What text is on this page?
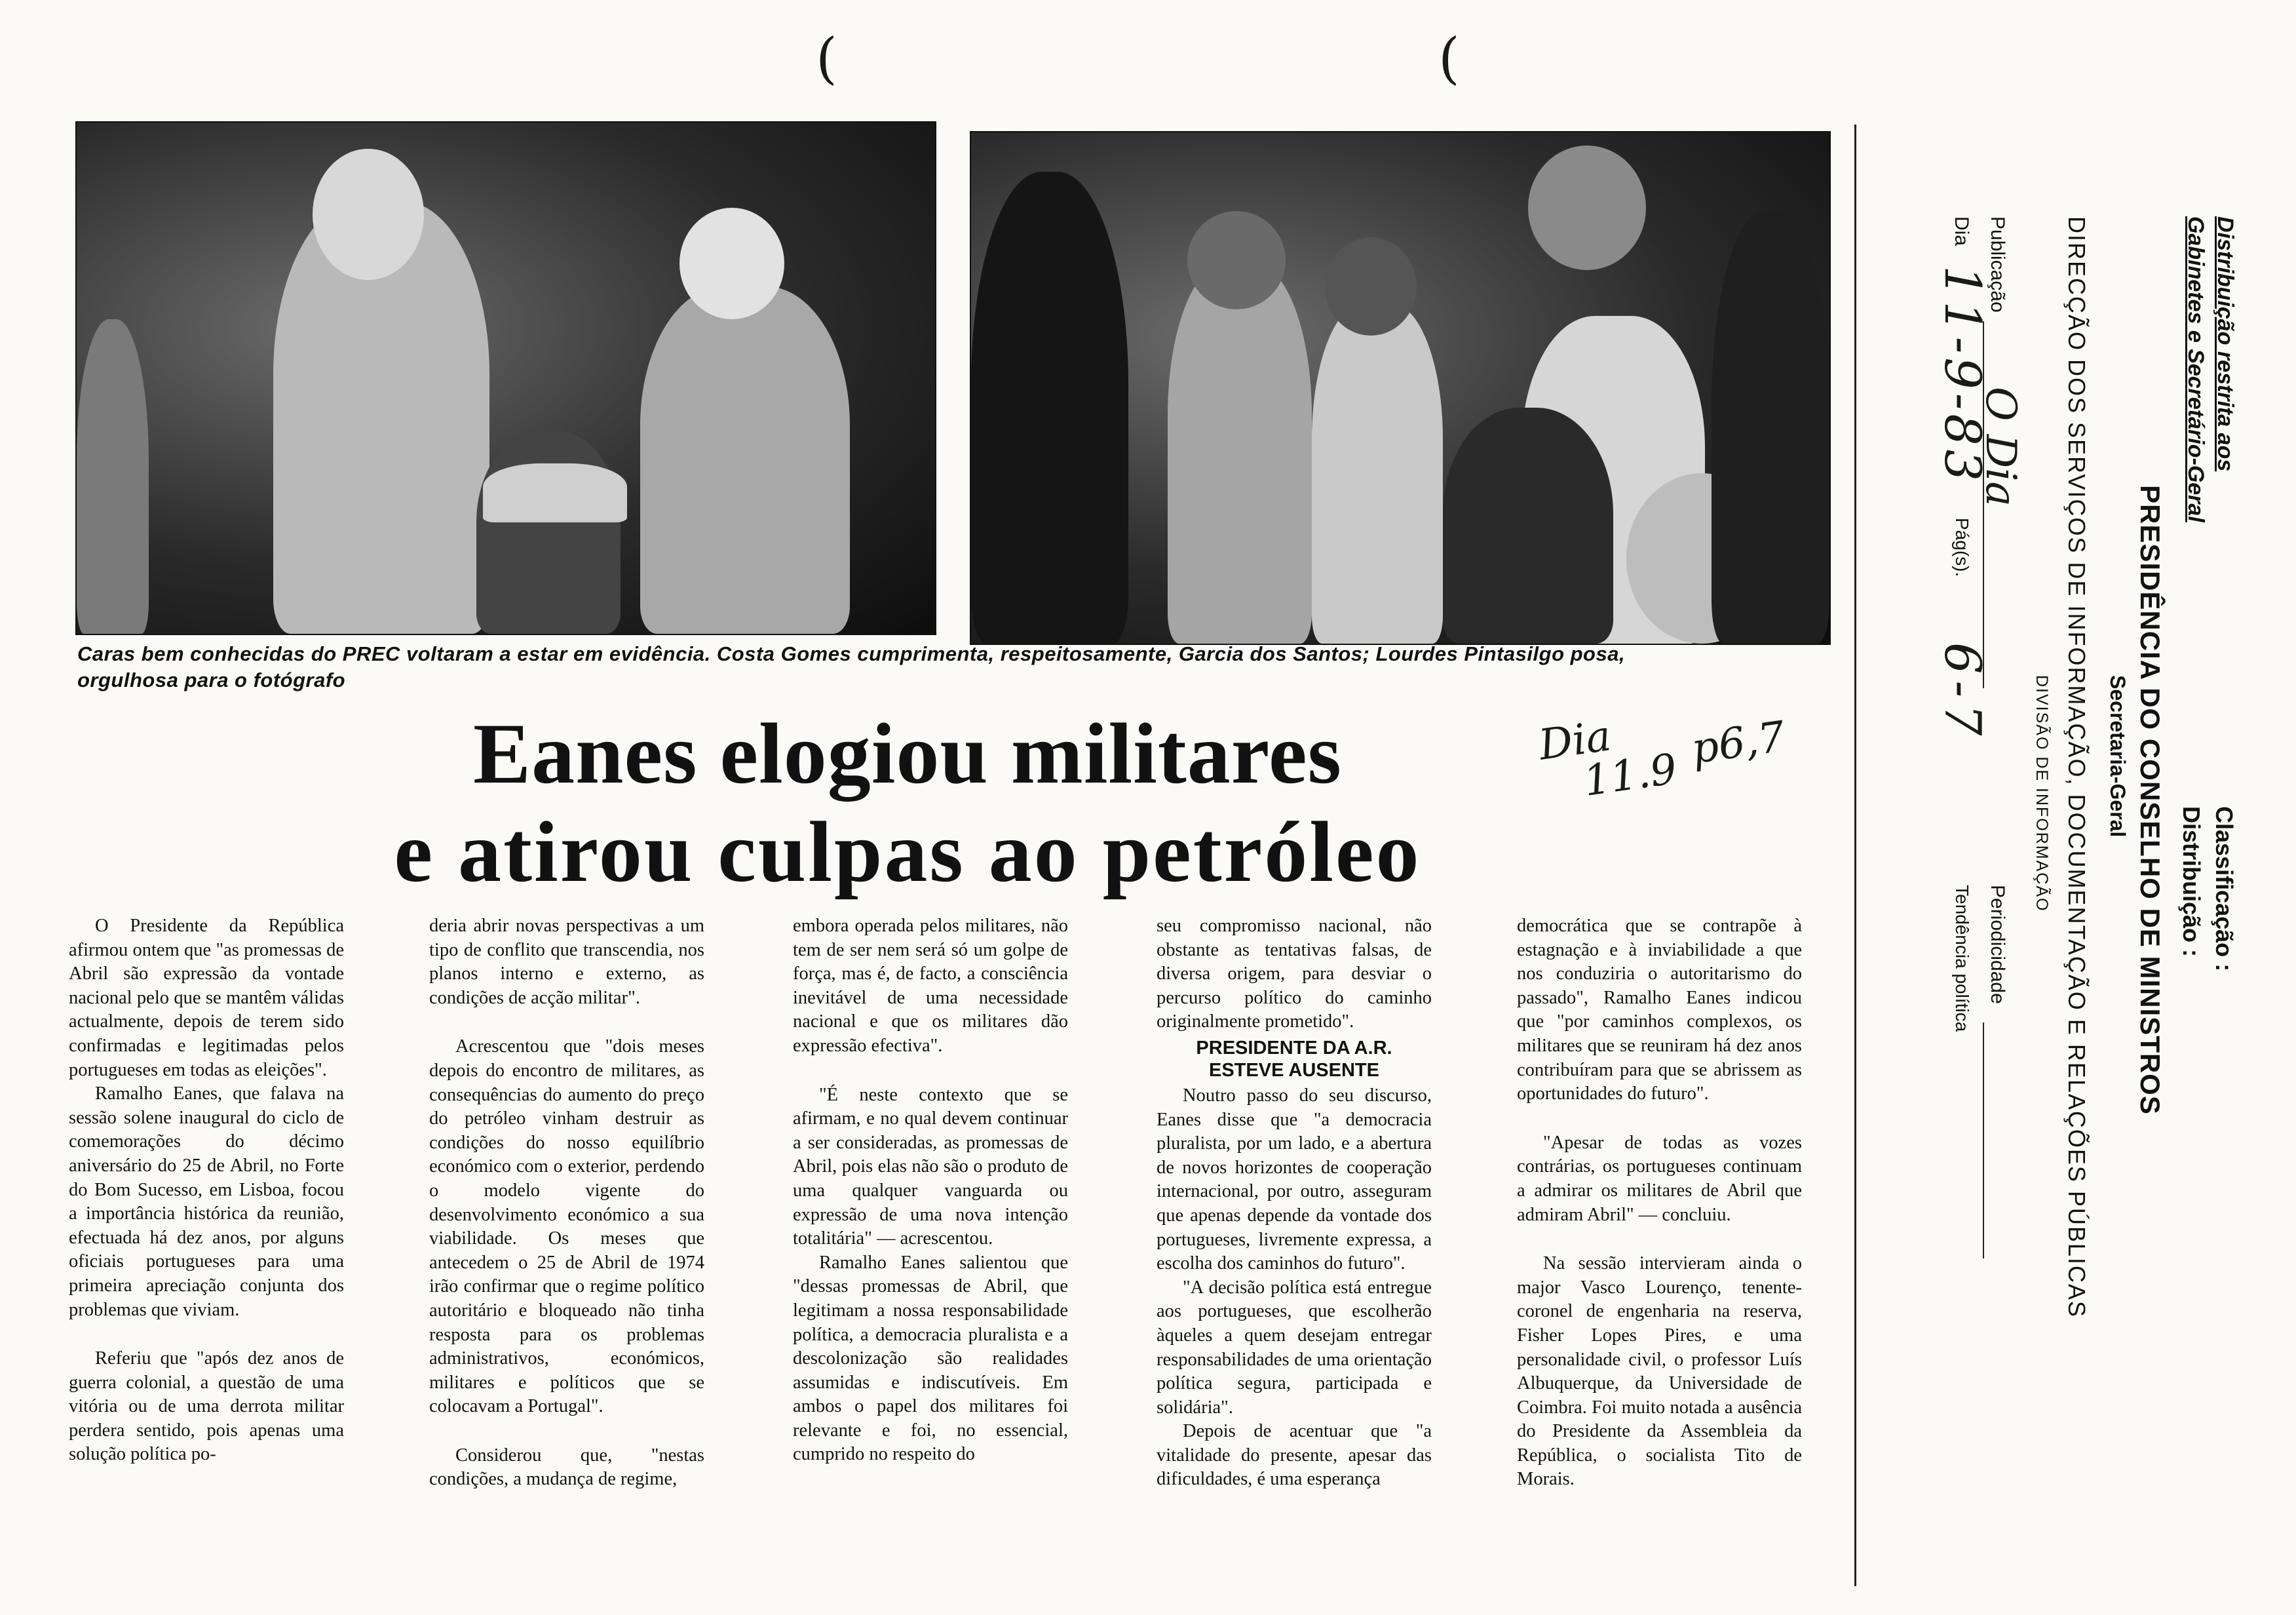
(	(
Caras bem conhecidas do PREC voltaram a estar em evidência. Costa Gomes cumprimenta, respeitosamente, Garcia dos Santos; Lourdes Pintasilgo posa,
orgulhosa para o fotógrafo
Eanes elogiou militares
e atirou culpas ao petróleo
Dia
11.9
p6,7

O Presidente da República afirmou ontem que "as promessas de Abril são expressão da vontade nacional pelo que se mantêm válidas actualmente, depois de terem sido confirmadas e legitimadas pelos portugueses em todas as eleições".

Ramalho Eanes, que falava na sessão solene inaugural do ciclo de comemorações do décimo aniversário do 25 de Abril, no Forte do Bom Sucesso, em Lisboa, focou a importância histórica da reunião, efectuada há dez anos, por alguns oficiais portugueses para uma primeira apreciação conjunta dos problemas que viviam.

Referiu que "após dez anos de guerra colonial, a questão de uma vitória ou de uma derrota militar perdera sentido, pois apenas uma solução política po-

deria abrir novas perspectivas a um tipo de conflito que transcendia, nos planos interno e externo, as condições de acção militar".

Acrescentou que "dois meses depois do encontro de militares, as consequências do aumento do preço do petróleo vinham destruir as condições do nosso equilíbrio económico com o exterior, perdendo o modelo vigente do desenvolvimento económico a sua viabilidade. Os meses que antecedem o 25 de Abril de 1974 irão confirmar que o regime político autoritário e bloqueado não tinha resposta para os problemas administrativos, económicos, militares e políticos que se colocavam a Portugal".

Considerou que, "nestas condições, a mudança de regime,

embora operada pelos militares, não tem de ser nem será só um golpe de força, mas é, de facto, a consciência inevitável de uma necessidade nacional e que os militares dão expressão efectiva".

"É neste contexto que se afirmam, e no qual devem continuar a ser consideradas, as promessas de Abril, pois elas não são o produto de uma qualquer vanguarda ou expressão de uma nova intenção totalitária" — acrescentou.

Ramalho Eanes salientou que "dessas promessas de Abril, que legitimam a nossa responsabilidade política, a democracia pluralista e a descolonização são realidades assumidas e indiscutíveis. Em ambos o papel dos militares foi relevante e foi, no essencial, cumprido no respeito do

seu compromisso nacional, não obstante as tentativas falsas, de diversa origem, para desviar o percurso político do caminho originalmente prometido".

PRESIDENTE DA A.R.
ESTEVE AUSENTE

Noutro passo do seu discurso, Eanes disse que "a democracia pluralista, por um lado, e a abertura de novos horizontes de cooperação internacional, por outro, asseguram que apenas depende da vontade dos portugueses, livremente expressa, a escolha dos caminhos do futuro".

"A decisão política está entregue aos portugueses, que escolherão àqueles a quem desejam entregar responsabilidades de uma orientação política segura, participada e solidária".

Depois de acentuar que "a vitalidade do presente, apesar das dificuldades, é uma esperança

democrática que se contrapõe à estagnação e à inviabilidade a que nos conduziria o autoritarismo do passado", Ramalho Eanes indicou que "por caminhos complexos, os militares que se reuniram há dez anos contribuíram para que se abrissem as oportunidades do futuro".

"Apesar de todas as vozes contrárias, os portugueses continuam a admirar os militares de Abril que admiram Abril" — concluiu.

Na sessão intervieram ainda o major Vasco Lourenço, tenente-coronel de engenharia na reserva, Fisher Lopes Pires, e uma personalidade civil, o professor Luís Albuquerque, da Universidade de Coimbra. Foi muito notada a ausência do Presidente da Assembleia da República, o socialista Tito de Morais.

Distribuição restrita aos
Gabinetes e Secretário-Geral
Classificação :
Distribuição :
PRESIDÊNCIA DO CONSELHO DE MINISTROS
Secretaria-Geral
DIRECÇÃO DOS SERVIÇOS DE INFORMAÇÃO, DOCUMENTAÇÃO E RELAÇÕES PÚBLICAS
DIVISÃO DE INFORMAÇÃO
Publicação
O Dia
Periodicidade
Dia
11-9-83
Pág(s).
6-7
Tendência política
